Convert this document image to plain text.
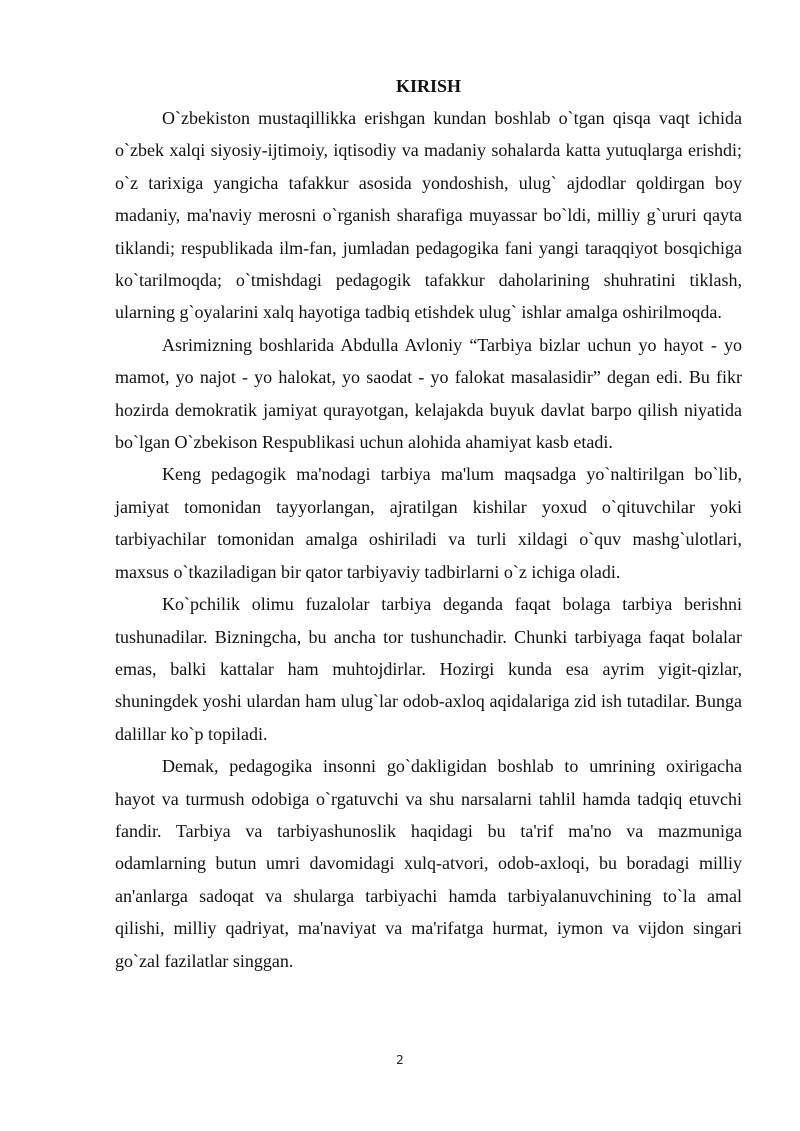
KIRISH

O`zbekiston mustaqillikka erishgan kundan boshlab o`tgan qisqa vaqt ichida o`zbek xalqi siyosiy-ijtimoiy, iqtisodiy va madaniy sohalarda katta yutuqlarga erishdi; o`z tarixiga yangicha tafakkur asosida yondoshish, ulug` ajdodlar qoldirgan boy madaniy, ma'naviy merosni o`rganish sharafiga muyassar bo`ldi, milliy g`ururi qayta tiklandi; respublikada ilm-fan, jumladan pedagogika fani yangi taraqqiyot bosqichiga ko`tarilmoqda; o`tmishdagi pedagogik tafakkur daholarining shuhratini tiklash, ularning g`oyalarini xalq hayotiga tadbiq etishdek ulug` ishlar amalga oshirilmoqda.

Asrimizning boshlarida Abdulla Avloniy “Tarbiya bizlar uchun yo hayot - yo mamot, yo najot - yo halokat, yo saodat - yo falokat masalasidir” degan edi. Bu fikr hozirda demokratik jamiyat qurayotgan, kelajakda buyuk davlat barpo qilish niyatida bo`lgan O`zbekison Respublikasi uchun alohida ahamiyat kasb etadi.

Keng pedagogik ma'nodagi tarbiya ma'lum maqsadga yo`naltirilgan bo`lib, jamiyat tomonidan tayyorlangan, ajratilgan kishilar yoxud o`qituvchilar yoki tarbiyachilar tomonidan amalga oshiriladi va turli xildagi o`quv mashg`ulotlari, maxsus o`tkaziladigan bir qator tarbiyaviy tadbirlarni o`z ichiga oladi.

Ko`pchilik olimu fuzalolar tarbiya deganda faqat bolaga tarbiya berishni tushunadilar. Bizningcha, bu ancha tor tushunchadir. Chunki tarbiyaga faqat bolalar emas, balki kattalar ham muhtojdirlar. Hozirgi kunda esa ayrim yigit-qizlar, shuningdek yoshi ulardan ham ulug`lar odob-axloq aqidalariga zid ish tutadilar. Bunga dalillar ko`p topiladi.

Demak, pedagogika insonni go`dakligidan boshlab to umrining oxirigacha hayot va turmush odobiga o`rgatuvchi va shu narsalarni tahlil hamda tadqiq etuvchi fandir. Tarbiya va tarbiyashunoslik haqidagi bu ta'rif ma'no va mazmuniga odamlarning butun umri davomidagi xulq-atvori, odob-axloqi, bu boradagi milliy an'anlarga sadoqat va shularga tarbiyachi hamda tarbiyalanuvchining to`la amal qilishi, milliy qadriyat, ma'naviyat va ma'rifatga hurmat, iymon va vijdon singari go`zal fazilatlar singgan.

2
